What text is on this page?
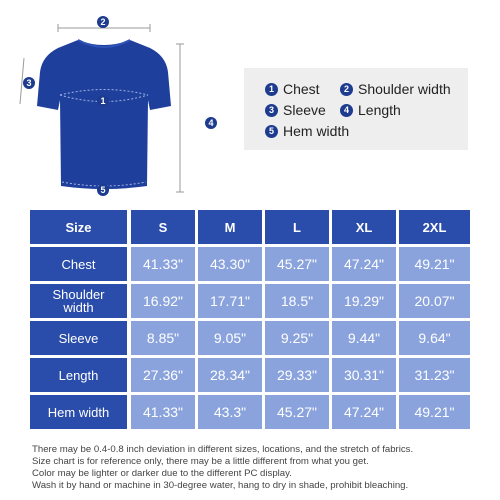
1
2
3
4
5
1 Chest	2 Shoulder width
3 Sleeve	4 Length
5 Hem width
Size	S	M	L	XL	2XL
Chest	41.33"	43.30"	45.27"	47.24"	49.21"
Shoulder width	16.92"	17.71"	18.5"	19.29"	20.07"
Sleeve	8.85"	9.05"	9.25"	9.44"	9.64"
Length	27.36"	28.34"	29.33"	30.31"	31.23"
Hem width	41.33"	43.3"	45.27"	47.24"	49.21"
There may be 0.4-0.8 inch deviation in different sizes, locations, and the stretch of fabrics.
Size chart is for reference only, there may be a little different from what you get.
Color may be lighter or darker due to the different PC display.
Wash it by hand or machine in 30-degree water, hang to dry in shade, prohibit bleaching.
